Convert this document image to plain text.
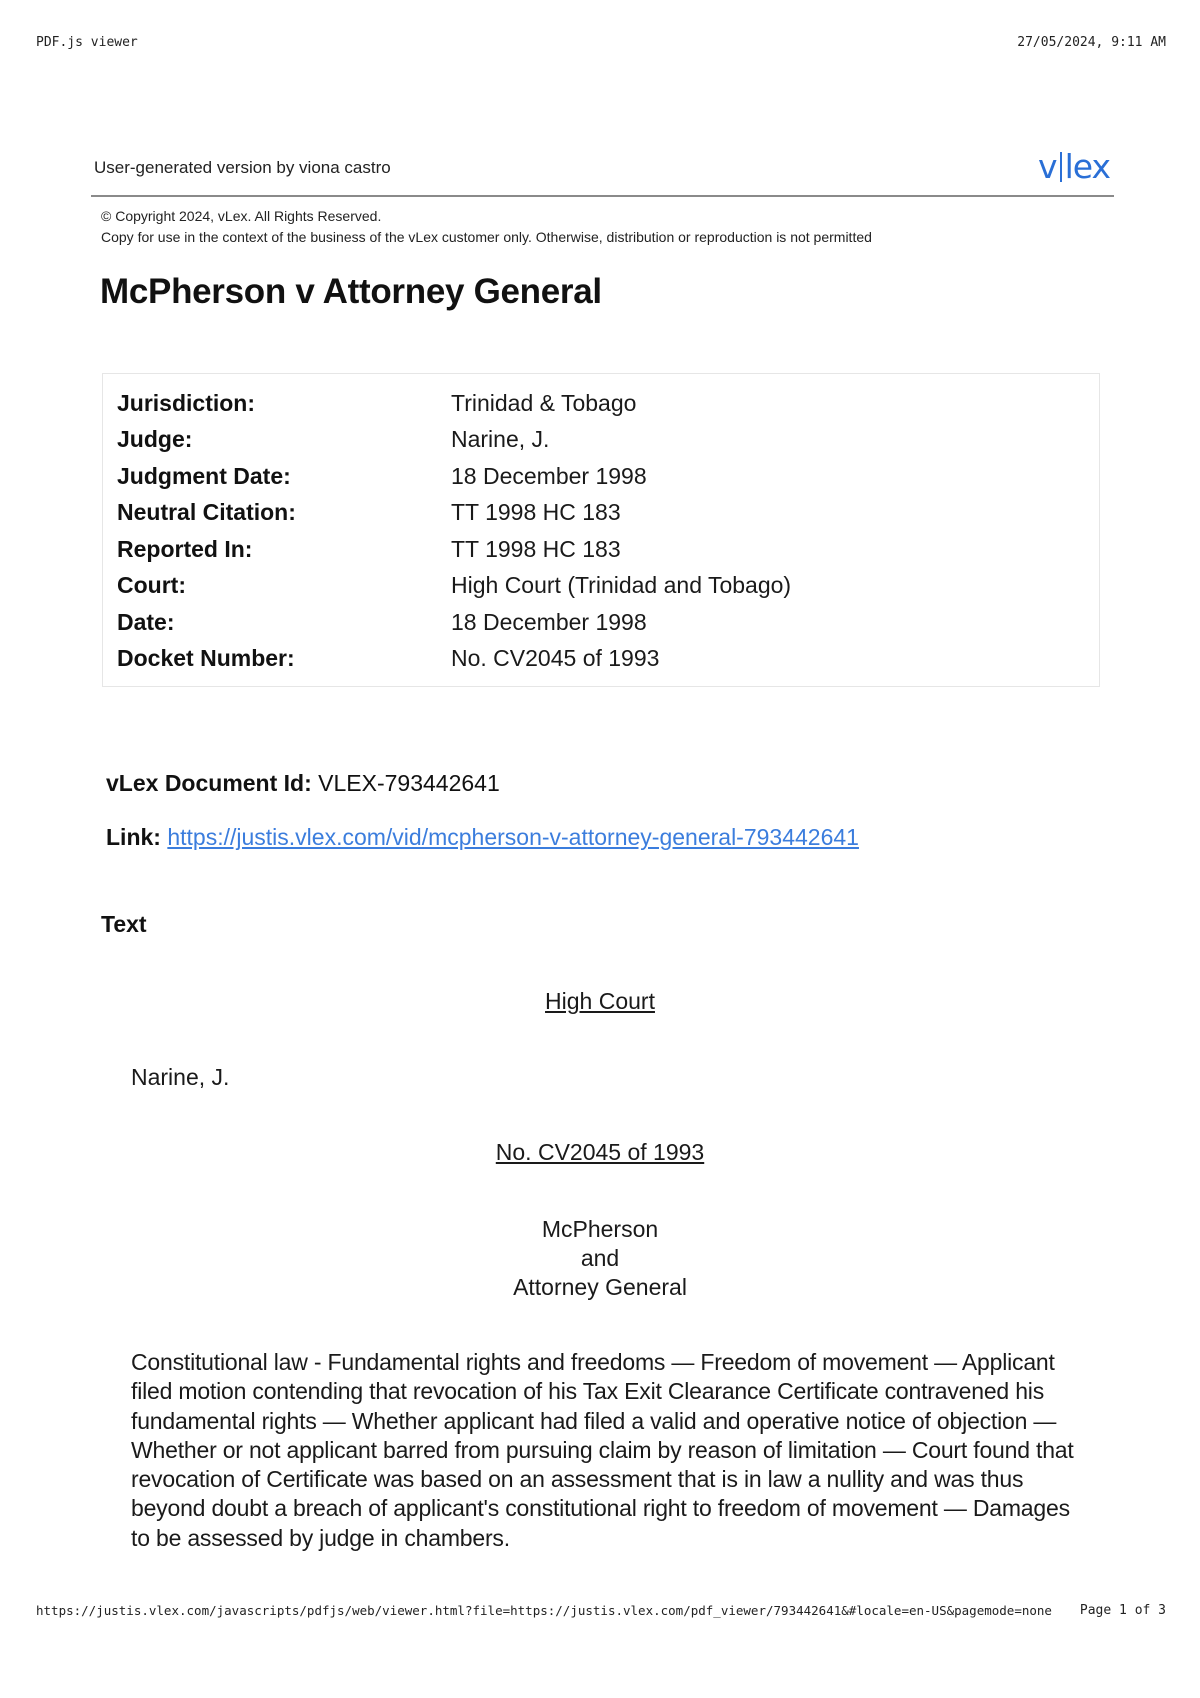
PDF.js viewer	27/05/2024, 9:11 AM
User-generated version by viona castro	v lex
© Copyright 2024, vLex. All Rights Reserved.
Copy for use in the context of the business of the vLex customer only. Otherwise, distribution or reproduction is not permitted
McPherson v Attorney General
Jurisdiction:	Trinidad & Tobago
Judge:	Narine, J.
Judgment Date:	18 December 1998
Neutral Citation:	TT 1998 HC 183
Reported In:	TT 1998 HC 183
Court:	High Court (Trinidad and Tobago)
Date:	18 December 1998
Docket Number:	No. CV2045 of 1993
vLex Document Id: VLEX-793442641
Link: https://justis.vlex.com/vid/mcpherson-v-attorney-general-793442641
Text
High Court
Narine, J.
No. CV2045 of 1993
McPherson
and
Attorney General

Constitutional law - Fundamental rights and freedoms — Freedom of movement — Applicant filed motion contending that revocation of his Tax Exit Clearance Certificate contravened his fundamental rights — Whether applicant had filed a valid and operative notice of objection — Whether or not applicant barred from pursuing claim by reason of limitation — Court found that revocation of Certificate was based on an assessment that is in law a nullity and was thus beyond doubt a breach of applicant's constitutional right to freedom of movement — Damages to be assessed by judge in chambers.

https://justis.vlex.com/javascripts/pdfjs/web/viewer.html?file=https://justis.vlex.com/pdf_viewer/793442641&#locale=en-US&pagemode=none Page 1 of 3
